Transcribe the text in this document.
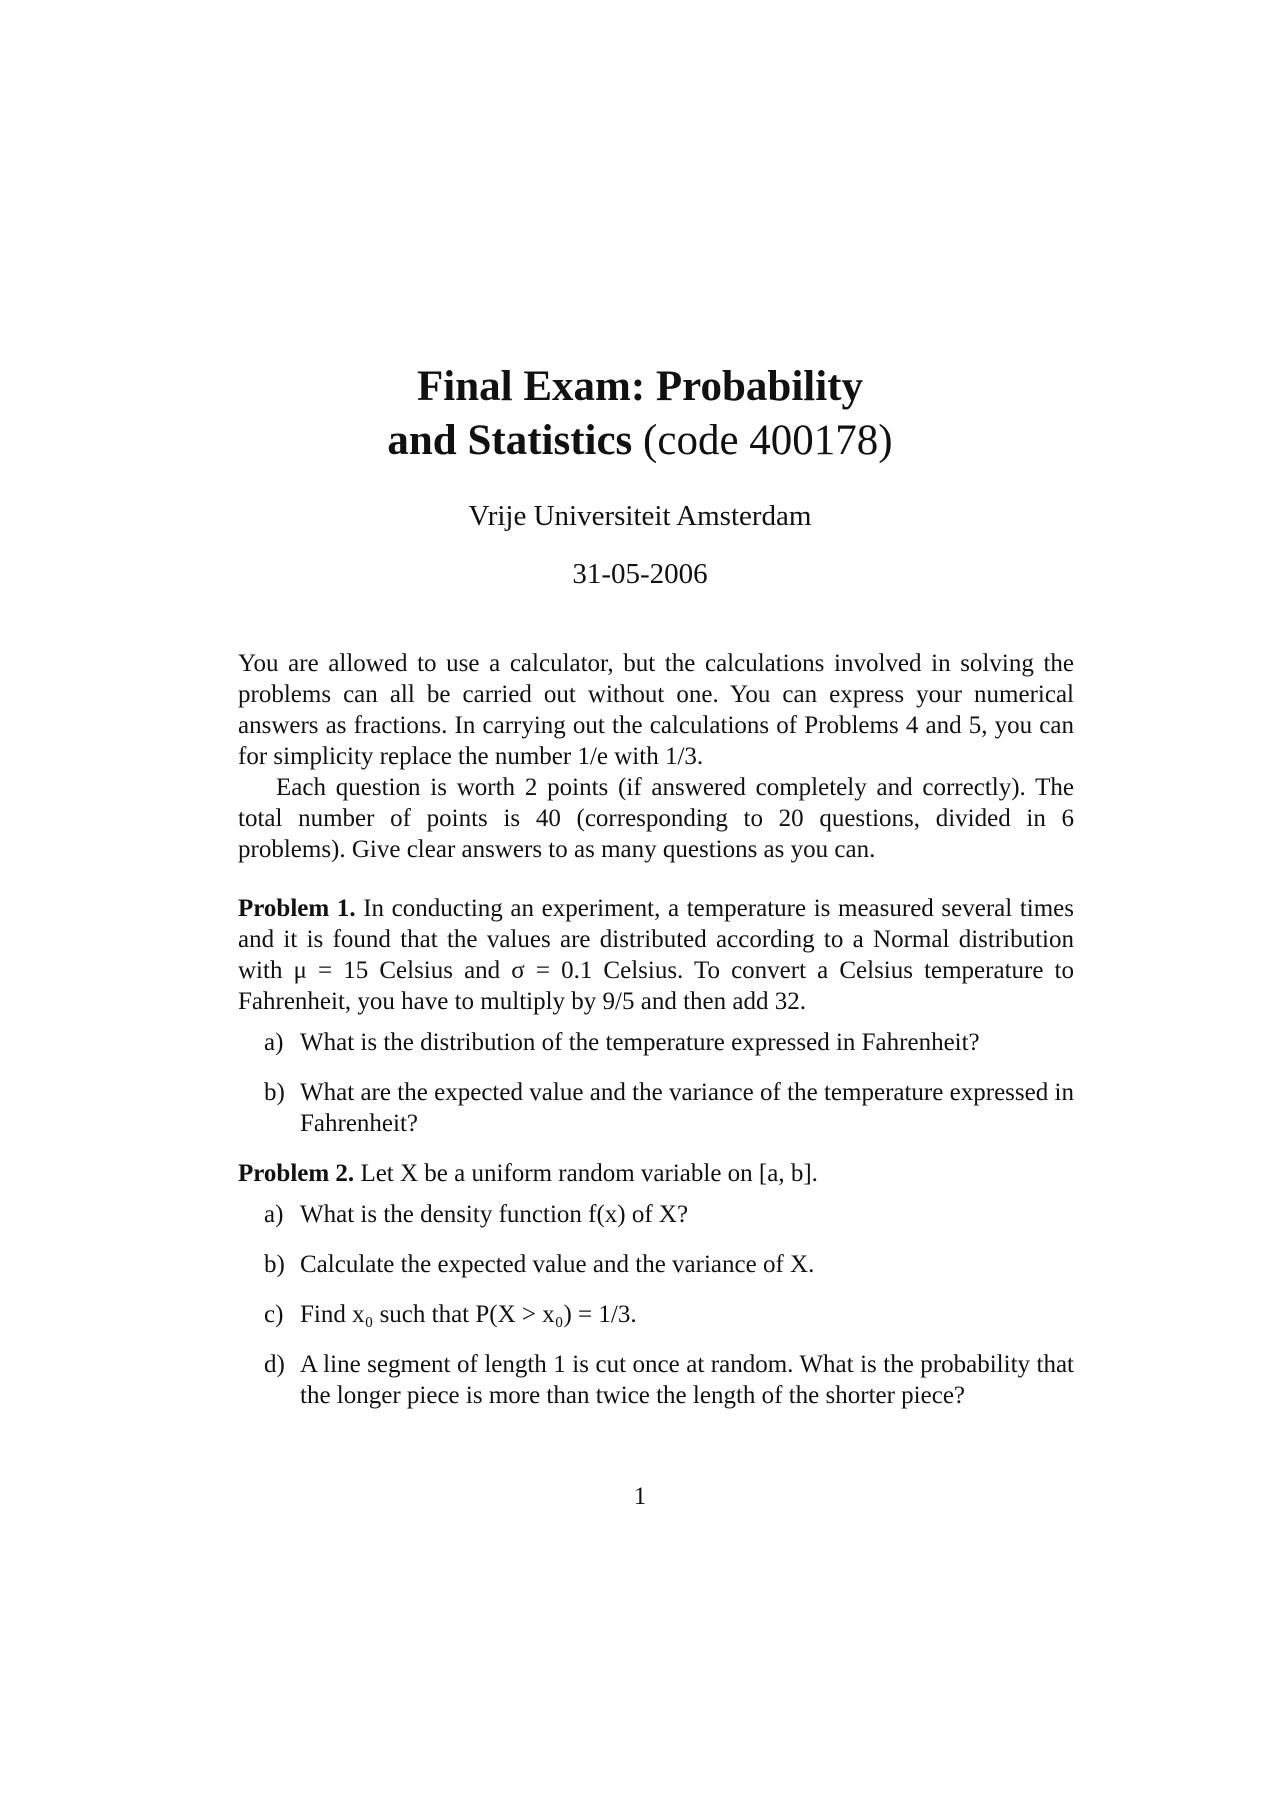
Final Exam: Probability
and Statistics (code 400178)
Vrije Universiteit Amsterdam
31-05-2006

You are allowed to use a calculator, but the calculations involved in solving the problems can all be carried out without one. You can express your numerical answers as fractions. In carrying out the calculations of Problems 4 and 5, you can for simplicity replace the number 1/e with 1/3.

Each question is worth 2 points (if answered completely and correctly). The total number of points is 40 (corresponding to 20 questions, divided in 6 problems). Give clear answers to as many questions as you can.

Problem 1. In conducting an experiment, a temperature is measured several times and it is found that the values are distributed according to a Normal distribution with μ = 15 Celsius and σ = 0.1 Celsius. To convert a Celsius temperature to Fahrenheit, you have to multiply by 9/5 and then add 32.

a) What is the distribution of the temperature expressed in Fahrenheit?
b) What are the expected value and the variance of the temperature expressed in Fahrenheit?

Problem 2. Let X be a uniform random variable on [a, b].

a) What is the density function f(x) of X?
b) Calculate the expected value and the variance of X.
c) Find x₀ such that P(X > x₀) = 1/3.
d) A line segment of length 1 is cut once at random. What is the probability that the longer piece is more than twice the length of the shorter piece?
1
